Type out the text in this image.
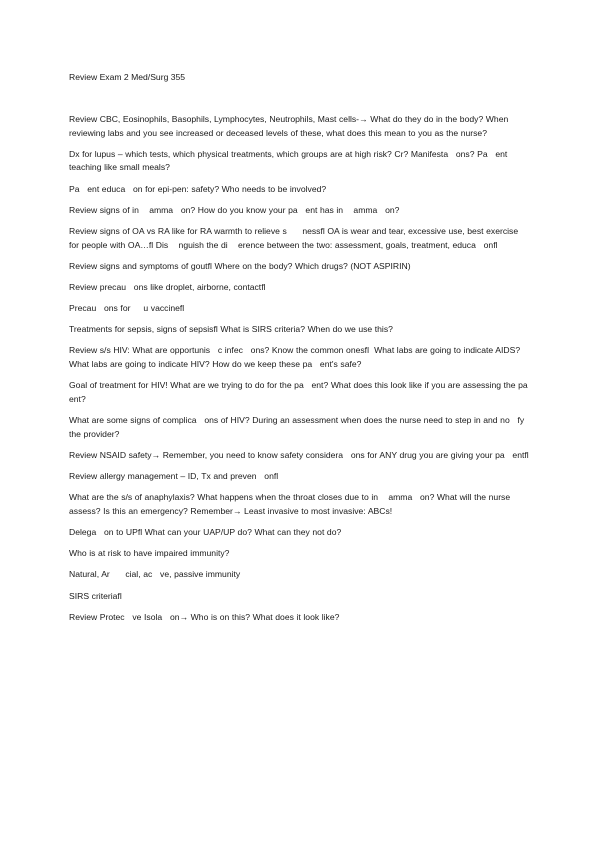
Review Exam 2 Med/Surg 355

Review CBC, Eosinophils, Basophils, Lymphocytes, Neutrophils, Mast cells-→ What do they do in the body? When reviewing labs and you see increased or deceased levels of these, what does this mean to you as the nurse?

Dx for lupus – which tests, which physical treatments, which groups are at high risk? Cr? Manifesta   ons? Pa   ent teaching like small meals?

Pa   ent educa   on for epi-pen: safety? Who needs to be involved?

Review signs of in    amma   on? How do you know your pa   ent has in    amma   on?

Review signs of OA vs RA like for RA warmth to relieve s      nessfl OA is wear and tear, excessive use, best exercise for people with OA…fl Dis    nguish the di    erence between the two: assessment, goals, treatment, educa   onfl

Review signs and symptoms of goutfl Where on the body? Which drugs? (NOT ASPIRIN)

Review precau   ons like droplet, airborne, contactfl

Precau   ons for     u vaccinefl

Treatments for sepsis, signs of sepsisfl What is SIRS criteria? When do we use this?

Review s/s HIV: What are opportunis   c infec   ons? Know the common onesfl  What labs are going to indicate AIDS? What labs are going to indicate HIV? How do we keep these pa   ent's safe?

Goal of treatment for HIV! What are we trying to do for the pa   ent? What does this look like if you are assessing the pa   ent?

What are some signs of complica   ons of HIV? During an assessment when does the nurse need to step in and no   fy the provider?

Review NSAID safety→ Remember, you need to know safety considera   ons for ANY drug you are giving your pa   entfl

Review allergy management – ID, Tx and preven   onfl

What are the s/s of anaphylaxis? What happens when the throat closes due to in    amma   on? What will the nurse assess? Is this an emergency? Remember→ Least invasive to most invasive: ABCs!

Delega   on to UPfl What can your UAP/UP do? What can they not do?

Who is at risk to have impaired immunity?

Natural, Ar      cial, ac   ve, passive immunity

SIRS criteriafl

Review Protec   ve Isola   on→ Who is on this? What does it look like?
